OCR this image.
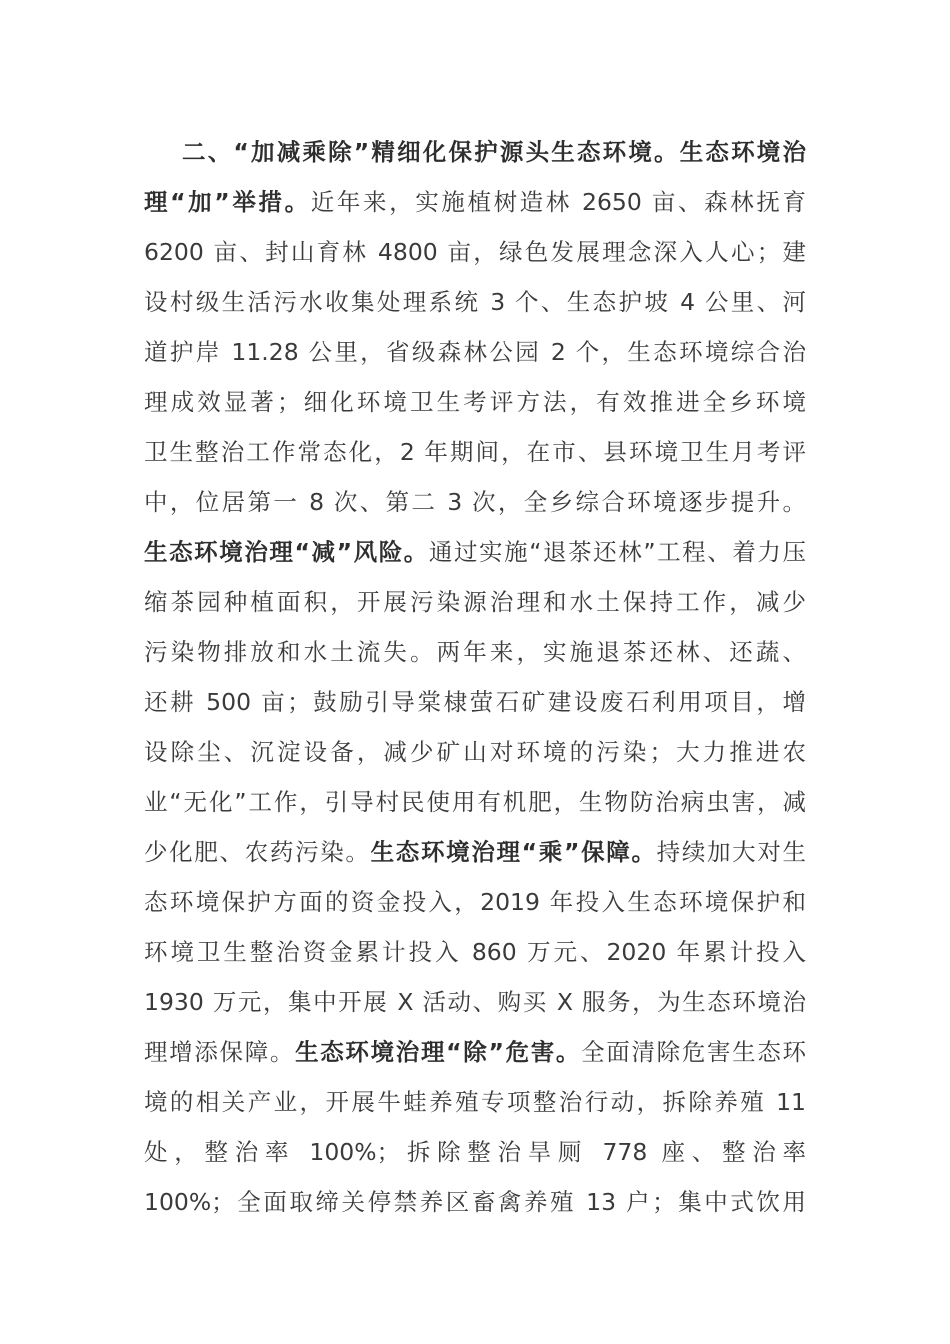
二、“加减乘除”精细化保护源头生态环境。生态环境治
理“加”举措。近年来，实施植树造林 2650 亩、森林抚育
6200 亩、封山育林 4800 亩，绿色发展理念深入人心；建
设村级生活污水收集处理系统 3 个、生态护坡 4 公里、河
道护岸 11.28 公里，省级森林公园 2 个，生态环境综合治
理成效显著；细化环境卫生考评方法，有效推进全乡环境
卫生整治工作常态化，2 年期间，在市、县环境卫生月考评
中，位居第一 8 次、第二 3 次，全乡综合环境逐步提升。
生态环境治理“减”风险。通过实施“退茶还林”工程、着力压
缩茶园种植面积，开展污染源治理和水土保持工作，减少
污染物排放和水土流失。两年来，实施退茶还林、还蔬、
还耕 500 亩；鼓励引导棠棣萤石矿建设废石利用项目，增
设除尘、沉淀设备，减少矿山对环境的污染；大力推进农
业“无化”工作，引导村民使用有机肥，生物防治病虫害，减
少化肥、农药污染。生态环境治理“乘”保障。持续加大对生
态环境保护方面的资金投入，2019 年投入生态环境保护和
环境卫生整治资金累计投入 860 万元、2020 年累计投入
1930 万元，集中开展 X 活动、购买 X 服务，为生态环境治
理增添保障。生态环境治理“除”危害。全面清除危害生态环
境的相关产业，开展牛蛙养殖专项整治行动，拆除养殖 11
处，整治率 100%；拆除整治旱厕 778 座、整治率
100%；全面取缔关停禁养区畜禽养殖 13 户；集中式饮用
